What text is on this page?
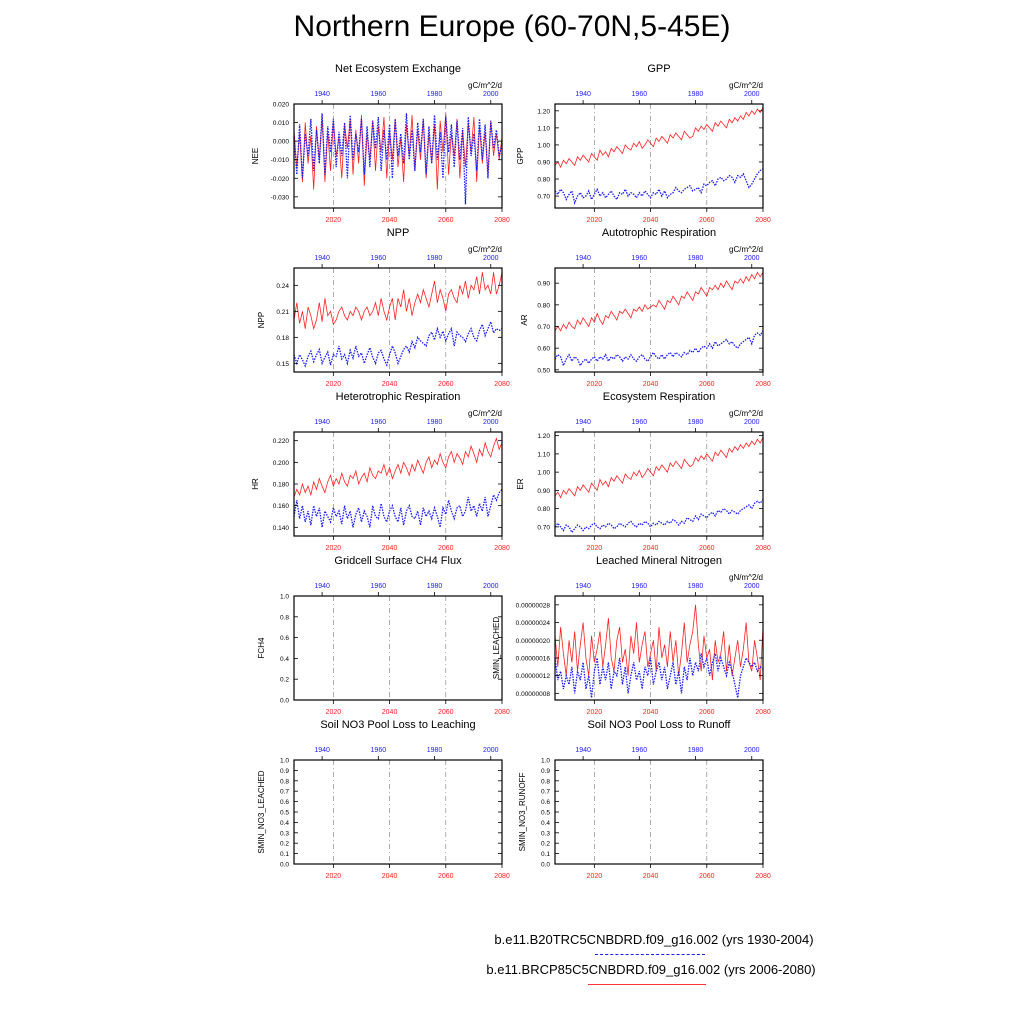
Northern Europe (60-70N,5-45E)
Net Ecosystem Exchange
gC/m^2/d
-0.030
-0.020
-0.010
0.000
0.010
0.020
2020	2040	2060	2080
1940	1960	1980	2000
NEE
GPP
gC/m^2/d
0.70
0.80
0.90
1.00
1.10
1.20
2020	2040	2060	2080
1940	1960	1980	2000
GPP
NPP
gC/m^2/d
0.15
0.18
0.21
0.24
2020	2040	2060	2080
1940	1960	1980	2000
NPP
Autotrophic Respiration
gC/m^2/d
0.50
0.60
0.70
0.80
0.90
2020	2040	2060	2080
1940	1960	1980	2000
AR
Heterotrophic Respiration
gC/m^2/d
0.140
0.160
0.180
0.200
0.220
2020	2040	2060	2080
1940	1960	1980	2000
HR
Ecosystem Respiration
gC/m^2/d
0.70
0.80
0.90
1.00
1.10
1.20
2020	2040	2060	2080
1940	1960	1980	2000
ER
Gridcell Surface CH4 Flux
0.0
0.2
0.4
0.6
0.8
1.0
2020	2040	2060	2080
1940	1960	1980	2000
FCH4
Leached Mineral Nitrogen
gN/m^2/d
0.00000008
0.00000012
0.00000016
0.00000020
0.00000024
0.00000028
2020	2040	2060	2080
1940	1960	1980	2000
SMIN_LEACHED
Soil NO3 Pool Loss to Leaching
0.0
0.1
0.2
0.3
0.4
0.5
0.6
0.7
0.8
0.9
1.0
2020	2040	2060	2080
1940	1960	1980	2000
SMIN_NO3_LEACHED
Soil NO3 Pool Loss to Runoff
0.0
0.1
0.2
0.3
0.4
0.5
0.6
0.7
0.8
0.9
1.0
2020	2040	2060	2080
1940	1960	1980	2000
SMIN_NO3_RUNOFF
b.e11.B20TRC5CNBDRD.f09_g16.002 (yrs 1930-2004)
b.e11.BRCP85C5CNBDRD.f09_g16.002 (yrs 2006-2080)
